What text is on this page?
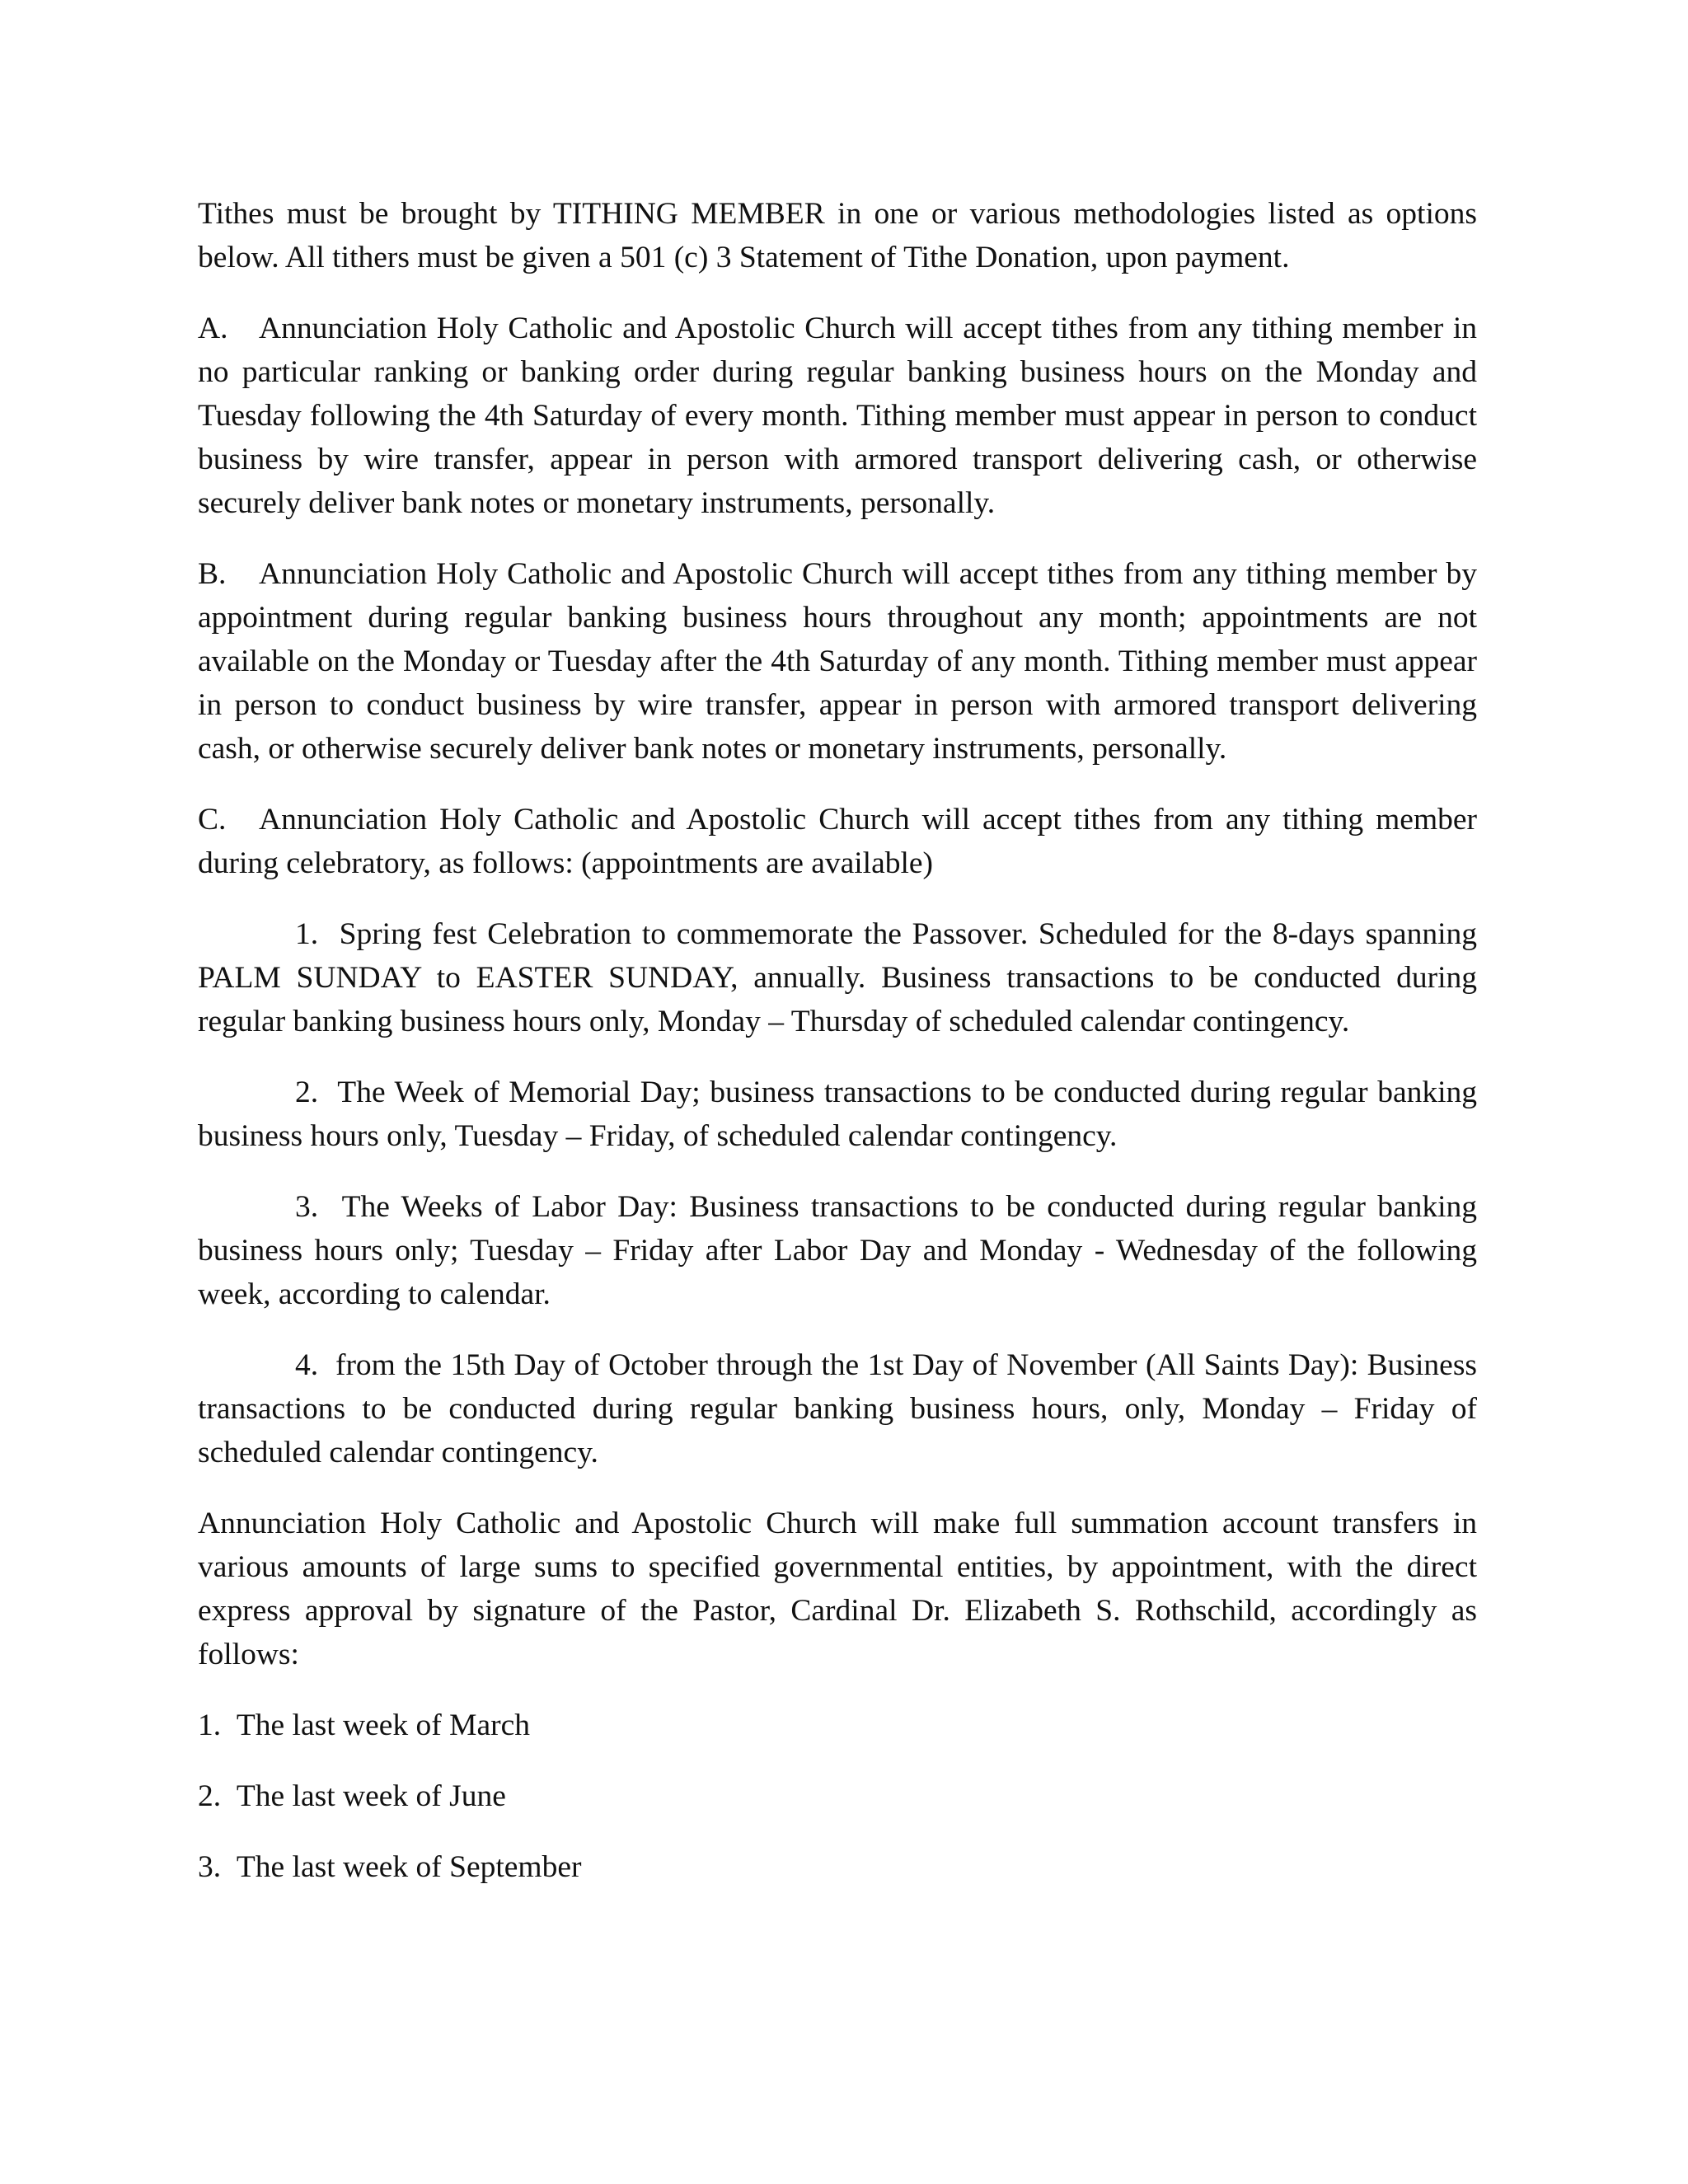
Tithes must be brought by TITHING MEMBER in one or various methodologies listed as options below. All tithers must be given a 501 (c) 3 Statement of Tithe Donation, upon payment.

A. Annunciation Holy Catholic and Apostolic Church will accept tithes from any tithing member in no particular ranking or banking order during regular banking business hours on the Monday and Tuesday following the 4th Saturday of every month. Tithing member must appear in person to conduct business by wire transfer, appear in person with armored transport delivering cash, or otherwise securely deliver bank notes or monetary instruments, personally.

B. Annunciation Holy Catholic and Apostolic Church will accept tithes from any tithing member by appointment during regular banking business hours throughout any month; appointments are not available on the Monday or Tuesday after the 4th Saturday of any month. Tithing member must appear in person to conduct business by wire transfer, appear in person with armored transport delivering cash, or otherwise securely deliver bank notes or monetary instruments, personally.

C. Annunciation Holy Catholic and Apostolic Church will accept tithes from any tithing member during celebratory, as follows: (appointments are available)

1. Spring fest Celebration to commemorate the Passover. Scheduled for the 8-days spanning PALM SUNDAY to EASTER SUNDAY, annually. Business transactions to be conducted during regular banking business hours only, Monday – Thursday of scheduled calendar contingency.

2. The Week of Memorial Day; business transactions to be conducted during regular banking business hours only, Tuesday – Friday, of scheduled calendar contingency.

3. The Weeks of Labor Day: Business transactions to be conducted during regular banking business hours only; Tuesday – Friday after Labor Day and Monday - Wednesday of the following week, according to calendar.

4. from the 15th Day of October through the 1st Day of November (All Saints Day): Business transactions to be conducted during regular banking business hours, only, Monday – Friday of scheduled calendar contingency.

Annunciation Holy Catholic and Apostolic Church will make full summation account transfers in various amounts of large sums to specified governmental entities, by appointment, with the direct express approval by signature of the Pastor, Cardinal Dr. Elizabeth S. Rothschild, accordingly as follows:

1. The last week of March

2. The last week of June

3. The last week of September
